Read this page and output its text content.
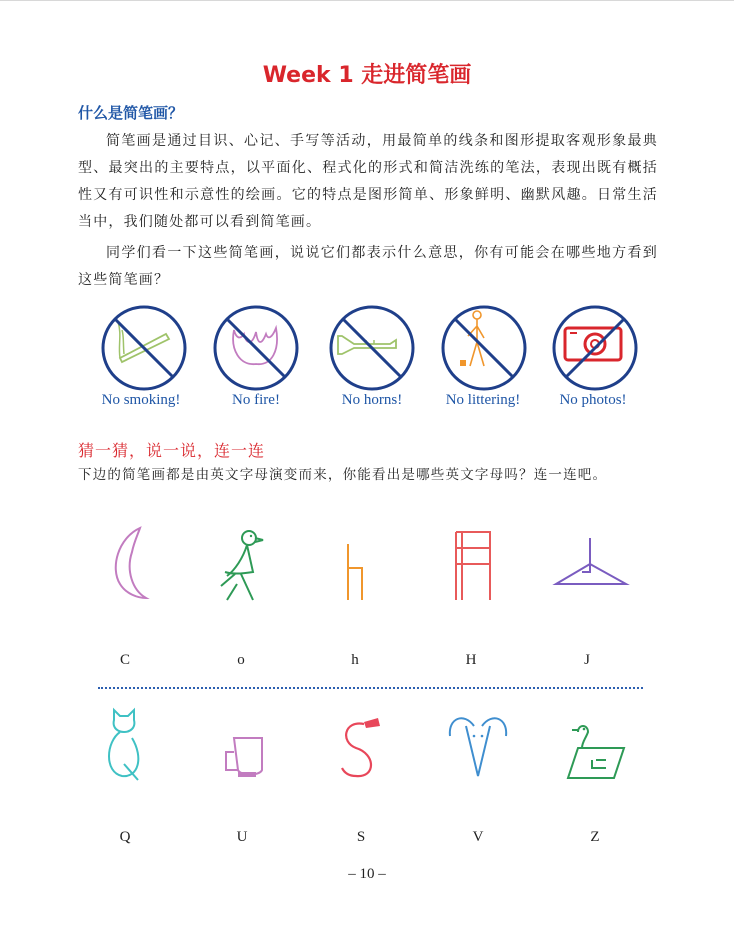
Week 1 走进简笔画
什么是简笔画？
简笔画是通过目识、心记、手写等活动，用最简单的线条和图形提取客观形象最典型、最突出的主要特点，以平面化、程式化的形式和简洁洗练的笔法，表现出既有概括性又有可识性和示意性的绘画。它的特点是图形简单、形象鲜明、幽默风趣。日常生活当中，我们随处都可以看到简笔画。
同学们看一下这些简笔画，说说它们都表示什么意思，你有可能会在哪些地方看到这些简笔画？
No smoking!	No fire!	No horns!	No littering!	No photos!
猜一猜，说一说，连一连
下边的简笔画都是由英文字母演变而来，你能看出是哪些英文字母吗？连一连吧。
C	o	h	H	J
Q	U	S	V	Z
– 10 –
